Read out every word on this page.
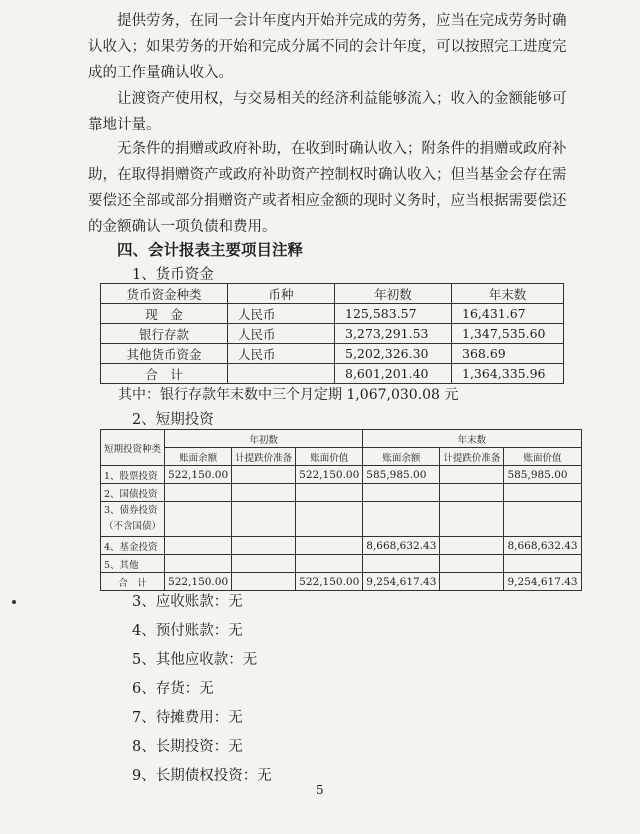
提供劳务，在同一会计年度内开始并完成的劳务，应当在完成劳务时确
认收入；如果劳务的开始和完成分属不同的会计年度，可以按照完工进度完
成的工作量确认收入。
让渡资产使用权，与交易相关的经济利益能够流入；收入的金额能够可
靠地计量。
无条件的捐赠或政府补助，在收到时确认收入；附条件的捐赠或政府补
助，在取得捐赠资产或政府补助资产控制权时确认收入；但当基金会存在需
要偿还全部或部分捐赠资产或者相应金额的现时义务时，应当根据需要偿还
的金额确认一项负债和费用。
四、会计报表主要项目注释
1、货币资金
货币资金种类	币种	年初数	年末数
现　金	人民币	125,583.57	16,431.67
银行存款	人民币	3,273,291.53	1,347,535.60
其他货币资金	人民币	5,202,326.30	368.69
合　计		8,601,201.40	1,364,335.96
其中：银行存款年末数中三个月定期 1,067,030.08 元
2、短期投资
短期投资种类	年初数			年末数		
	账面余额	计提跌价准备	账面价值	账面余额	计提跌价准备	账面价值
1、股票投资	522,150.00		522,150.00	585,985.00		585,985.00
2、国债投资						
3、债券投资
（不含国债）						
4、基金投资				8,668,632.43		8,668,632.43
5、其他						
合　计	522,150.00		522,150.00	9,254,617.43		9,254,617.43
3、应收账款：无
4、预付账款：无
5、其他应收款：无
6、存货：无
7、待摊费用：无
8、长期投资：无
9、长期债权投资：无
5
